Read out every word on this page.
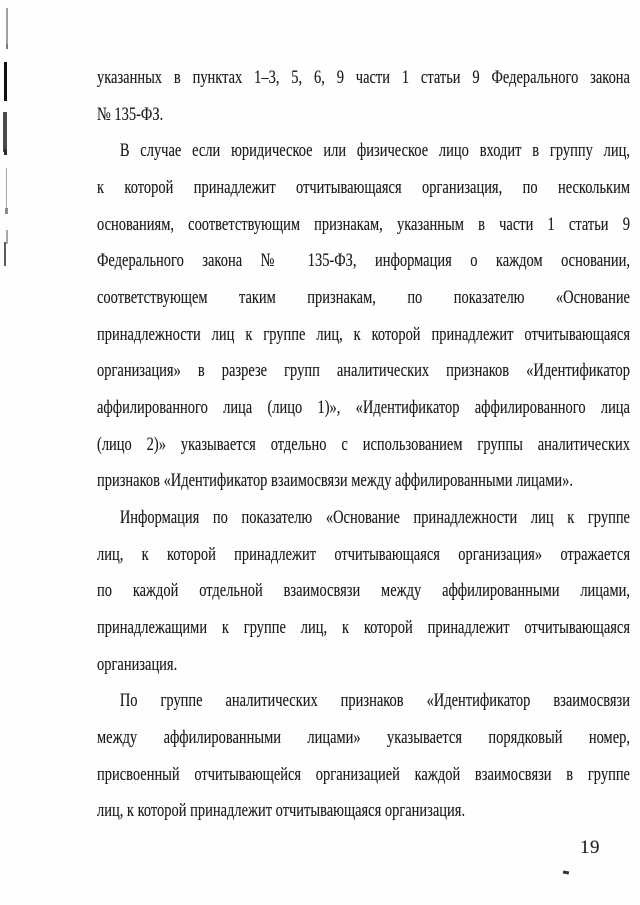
указанных в пунктах 1–3, 5, 6, 9 части 1 статьи 9 Федерального закона
№ 135-ФЗ.
В случае если юридическое или физическое лицо входит в группу лиц,
к которой принадлежит отчитывающаяся организация, по нескольким
основаниям, соответствующим признакам, указанным в части 1 статьи 9
Федерального закона № 135-ФЗ, информация о каждом основании,
соответствующем таким признакам, по показателю «Основание
принадлежности лиц к группе лиц, к которой принадлежит отчитывающаяся
организация» в разрезе групп аналитических признаков «Идентификатор
аффилированного лица (лицо 1)», «Идентификатор аффилированного лица
(лицо 2)» указывается отдельно с использованием группы аналитических
признаков «Идентификатор взаимосвязи между аффилированными лицами».
Информация по показателю «Основание принадлежности лиц к группе
лиц, к которой принадлежит отчитывающаяся организация» отражается
по каждой отдельной взаимосвязи между аффилированными лицами,
принадлежащими к группе лиц, к которой принадлежит отчитывающаяся
организация.
По группе аналитических признаков «Идентификатор взаимосвязи
между аффилированными лицами» указывается порядковый номер,
присвоенный отчитывающейся организацией каждой взаимосвязи в группе
лиц, к которой принадлежит отчитывающаяся организация.
19
